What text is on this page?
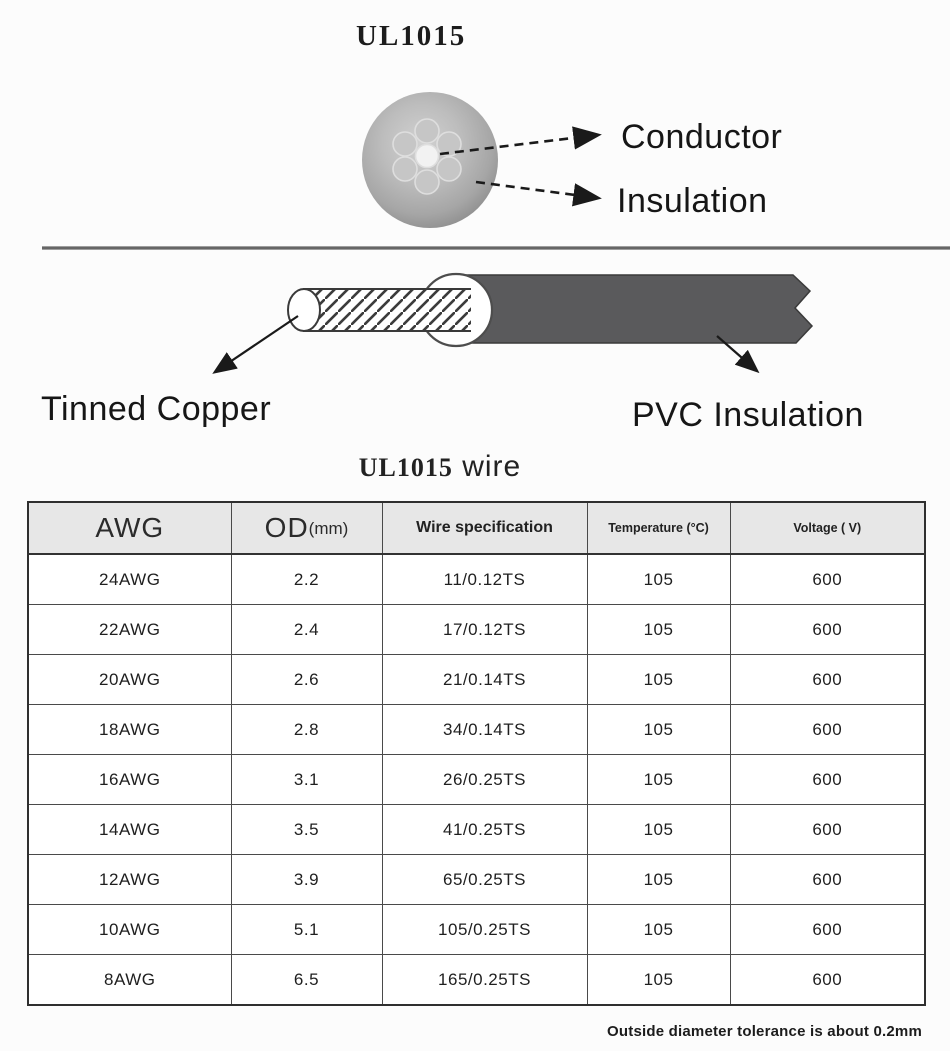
UL1015
Conductor
Insulation
Tinned Copper	PVC Insulation
UL1015 wire
AWG	OD(mm)	Wire specification	Temperature (°C)	Voltage ( V)
24AWG	2.2	11/0.12TS	105	600
22AWG	2.4	17/0.12TS	105	600
20AWG	2.6	21/0.14TS	105	600
18AWG	2.8	34/0.14TS	105	600
16AWG	3.1	26/0.25TS	105	600
14AWG	3.5	41/0.25TS	105	600
12AWG	3.9	65/0.25TS	105	600
10AWG	5.1	105/0.25TS	105	600
8AWG	6.5	165/0.25TS	105	600
Outside diameter tolerance is about 0.2mm
